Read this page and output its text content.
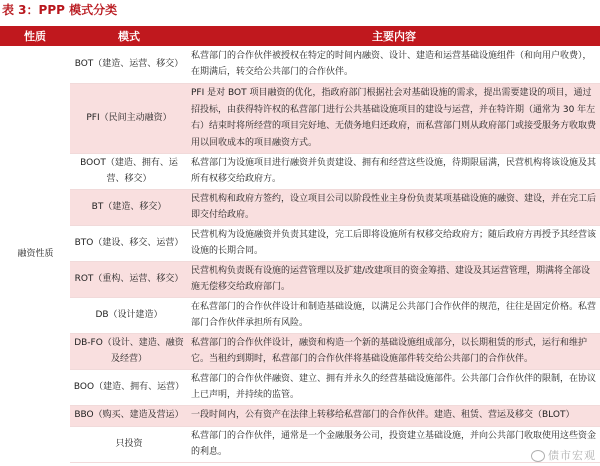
表 3：PPP 模式分类
性质	模式	主要内容
融资性质	BOT（建造、运营、移交）	私营部门的合作伙伴被授权在特定的时间内融资、设计、建造和运营基础设施组件（和向用户收费），在期满后，转交给公共部门的合作伙伴。
	PFI（民间主动融资）	PFI 是对 BOT 项目融资的优化，指政府部门根据社会对基础设施的需求，提出需要建设的项目，通过招投标，由获得特许权的私营部门进行公共基础设施项目的建设与运营，并在特许期（通常为 30 年左右）结束时将所经营的项目完好地、无债务地归还政府，而私营部门则从政府部门或接受服务方收取费用以回收成本的项目融资方式。
	BOOT（建造、拥有、运营、移交）	私营部门为设施项目进行融资并负责建设、拥有和经营这些设施，待期限届满，民营机构将该设施及其所有权移交给政府方。
	BT（建造、移交）	民营机构和政府方签约，设立项目公司以阶段性业主身份负责某项基础设施的融资、建设，并在完工后即交付给政府。
	BTO（建设、移交、运营）	民营机构为设施融资并负责其建设，完工后即将设施所有权移交给政府方；随后政府方再授予其经营该设施的长期合同。
	ROT（重构、运营、移交）	民营机构负责既有设施的运营管理以及扩建/改建项目的资金筹措、建设及其运营管理，期满将全部设施无偿移交给政府部门。
	DB（设计建造）	在私营部门的合作伙伴设计和制造基础设施，以满足公共部门合作伙伴的规范，往往是固定价格。私营部门合作伙伴承担所有风险。
	DB-FO（设计、建造、融资及经营）	私营部门的合作伙伴设计，融资和构造一个新的基础设施组成部分，以长期租赁的形式，运行和维护它。当租约到期时，私营部门的合作伙伴将基础设施部件转交给公共部门的合作伙伴。
	BOO（建造、拥有、运营）	私营部门的合作伙伴融资、建立、拥有并永久的经营基础设施部件。公共部门合作伙伴的限制，在协议上已声明，并持续的监管。
	BBO（购买、建造及营运）	一段时间内，公有资产在法律上转移给私营部门的合作伙伴。建造、租赁、营运及移交（BLOT）
	只投资	私营部门的合作伙伴，通常是一个金融服务公司，投资建立基础设施，并向公共部门收取使用这些资金的利息。	债市宏观
